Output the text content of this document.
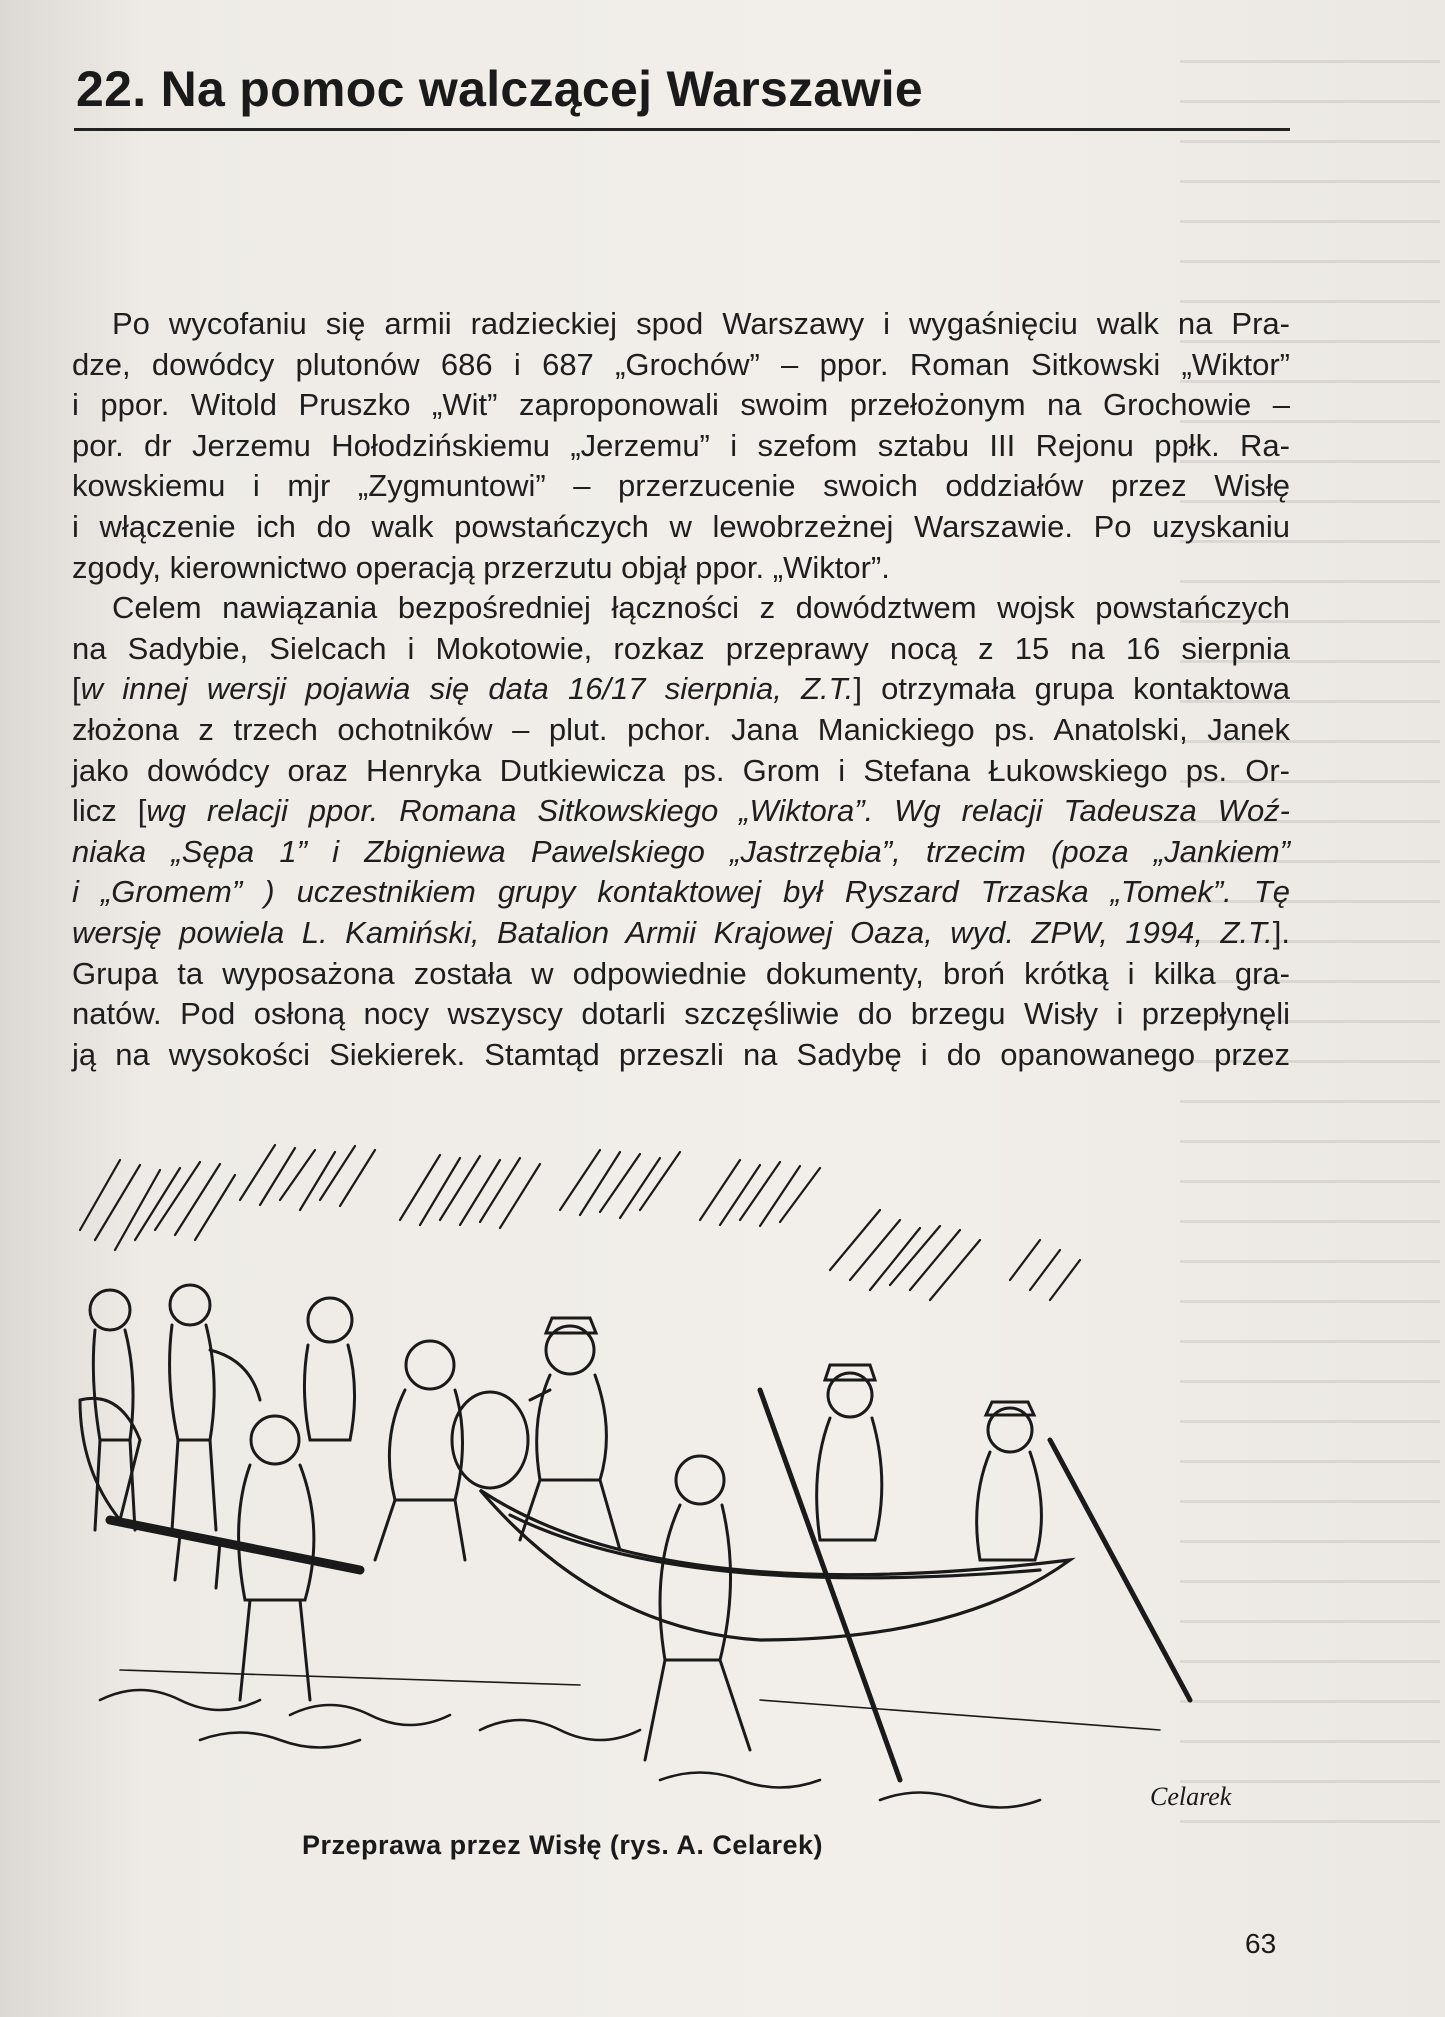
22. Na pomoc walczącej Warszawie
Po wycofaniu się armii radzieckiej spod Warszawy i wygaśnięciu walk na Pra-
dze, dowódcy plutonów 686 i 687 „Grochów” – ppor. Roman Sitkowski „Wiktor”
i ppor. Witold Pruszko „Wit” zaproponowali swoim przełożonym na Grochowie –
por. dr Jerzemu Hołodzińskiemu „Jerzemu” i szefom sztabu III Rejonu ppłk. Ra-
kowskiemu i mjr „Zygmuntowi” – przerzucenie swoich oddziałów przez Wisłę
i włączenie ich do walk powstańczych w lewobrzeżnej Warszawie. Po uzyskaniu
zgody, kierownictwo operacją przerzutu objął ppor. „Wiktor”.
Celem nawiązania bezpośredniej łączności z dowództwem wojsk powstańczych
na Sadybie, Sielcach i Mokotowie, rozkaz przeprawy nocą z 15 na 16 sierpnia
[w innej wersji pojawia się data 16/17 sierpnia, Z.T.] otrzymała grupa kontaktowa
złożona z trzech ochotników – plut. pchor. Jana Manickiego ps. Anatolski, Janek
jako dowódcy oraz Henryka Dutkiewicza ps. Grom i Stefana Łukowskiego ps. Or-
licz [wg relacji ppor. Romana Sitkowskiego „Wiktora”. Wg relacji Tadeusza Woź-
niaka „Sępa 1” i Zbigniewa Pawelskiego „Jastrzębia”, trzecim (poza „Jankiem”
i „Gromem” ) uczestnikiem grupy kontaktowej był Ryszard Trzaska „Tomek”. Tę
wersję powiela L. Kamiński, Batalion Armii Krajowej Oaza, wyd. ZPW, 1994, Z.T.].
Grupa ta wyposażona została w odpowiednie dokumenty, broń krótką i kilka gra-
natów. Pod osłoną nocy wszyscy dotarli szczęśliwie do brzegu Wisły i przepłynęli
ją na wysokości Siekierek. Stamtąd przeszli na Sadybę i do opanowanego przez
Celarek
Przeprawa przez Wisłę (rys. A. Celarek)
63
